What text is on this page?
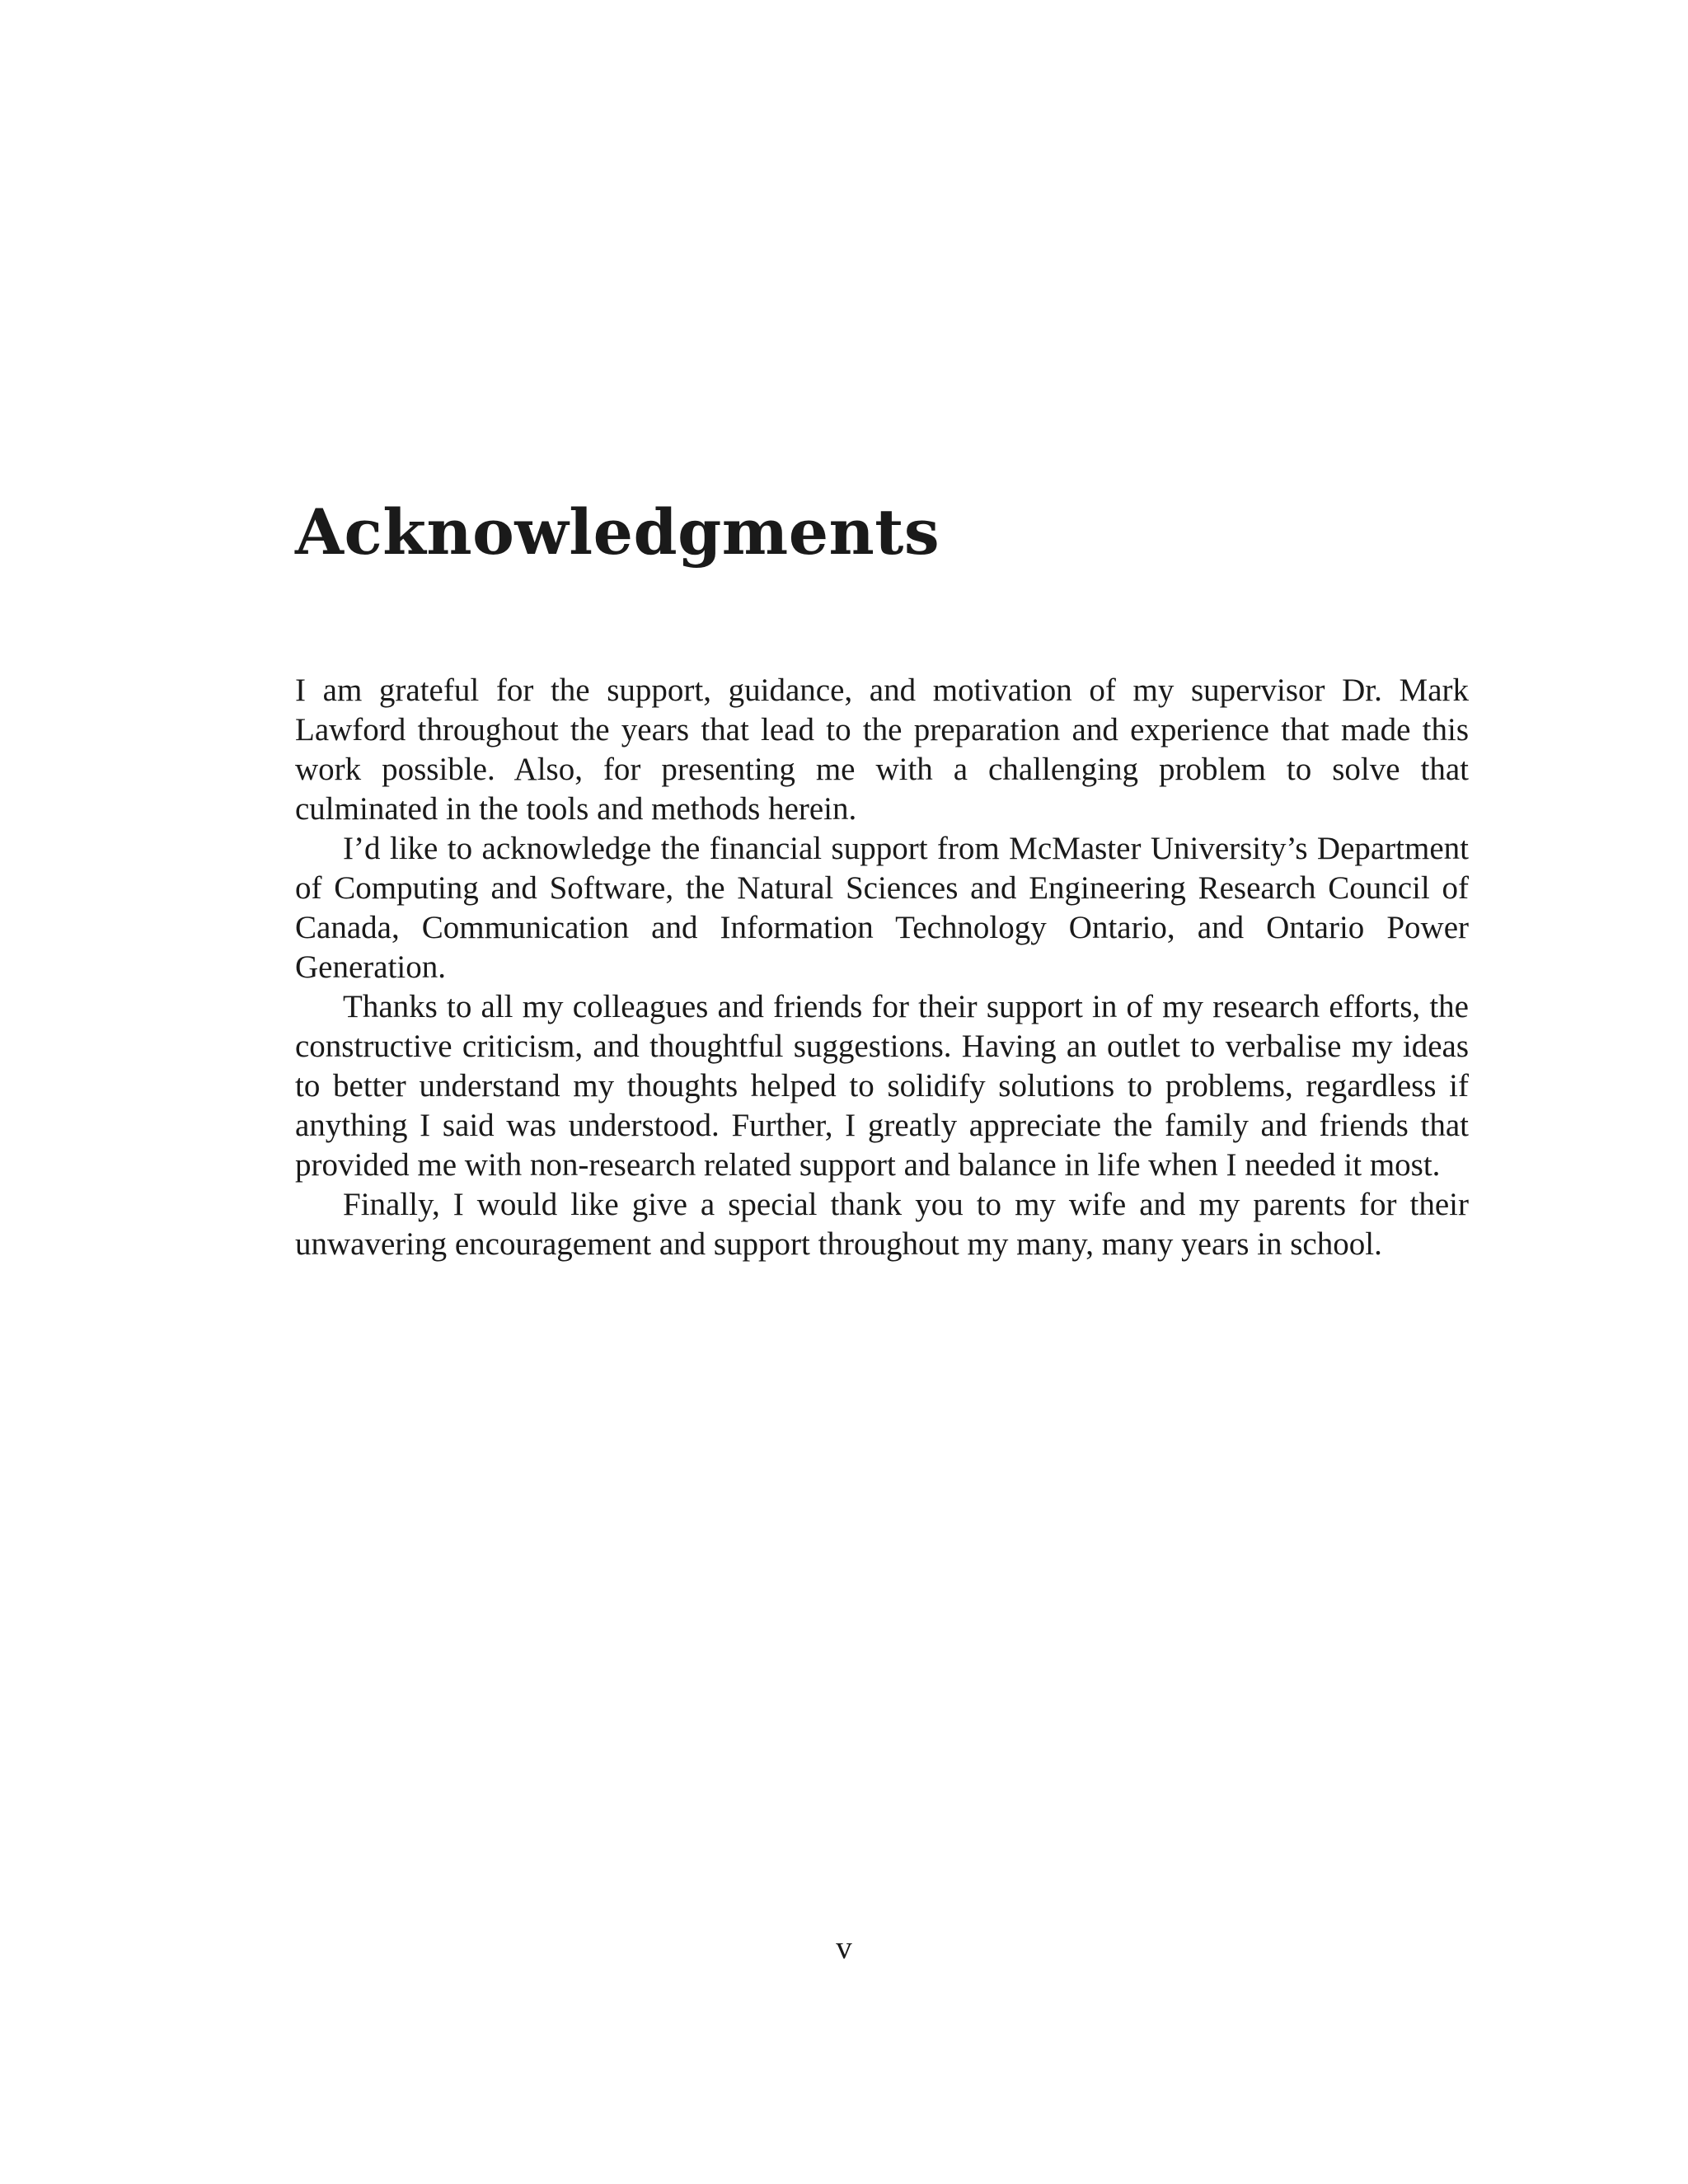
Acknowledgments

I am grateful for the support, guidance, and motivation of my supervisor Dr. Mark Lawford throughout the years that lead to the preparation and experience that made this work possible. Also, for presenting me with a challenging problem to solve that culminated in the tools and methods herein.

I’d like to acknowledge the financial support from McMaster University’s Department of Computing and Software, the Natural Sciences and Engineering Research Council of Canada, Communication and Information Technology Ontario, and Ontario Power Generation.

Thanks to all my colleagues and friends for their support in of my research efforts, the constructive criticism, and thoughtful suggestions. Having an outlet to verbalise my ideas to better understand my thoughts helped to solidify solutions to problems, regardless if anything I said was understood. Further, I greatly appreciate the family and friends that provided me with non-research related support and balance in life when I needed it most.

Finally, I would like give a special thank you to my wife and my parents for their unwavering encouragement and support throughout my many, many years in school.

v
